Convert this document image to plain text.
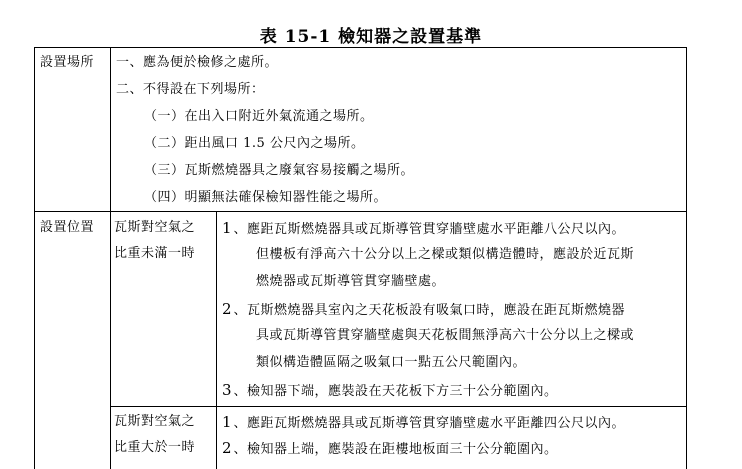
表 15-1 檢知器之設置基準
設置場所 一、應為便於檢修之處所。
二、不得設在下列場所：
（一）在出入口附近外氣流通之場所。
（二）距出風口 1.5 公尺內之場所。
（三）瓦斯燃燒器具之廢氣容易接觸之場所。
（四）明顯無法確保檢知器性能之場所。
設置位置 瓦斯對空氣之
比重未滿一時
1 、應距瓦斯燃燒器具或瓦斯導管貫穿牆壁處水平距離八公尺以內。
但樓板有淨高六十公分以上之樑或類似構造體時，應設於近瓦斯
燃燒器或瓦斯導管貫穿牆壁處。
2 、瓦斯燃燒器具室內之天花板設有吸氣口時，應設在距瓦斯燃燒器
具或瓦斯導管貫穿牆壁處與天花板間無淨高六十公分以上之樑或
類似構造體區隔之吸氣口一點五公尺範圍內。
3 、檢知器下端，應裝設在天花板下方三十公分範圍內。
瓦斯對空氣之
比重大於一時
1 、應距瓦斯燃燒器具或瓦斯導管貫穿牆壁處水平距離四公尺以內。
2 、檢知器上端，應裝設在距樓地板面三十公分範圍內。
